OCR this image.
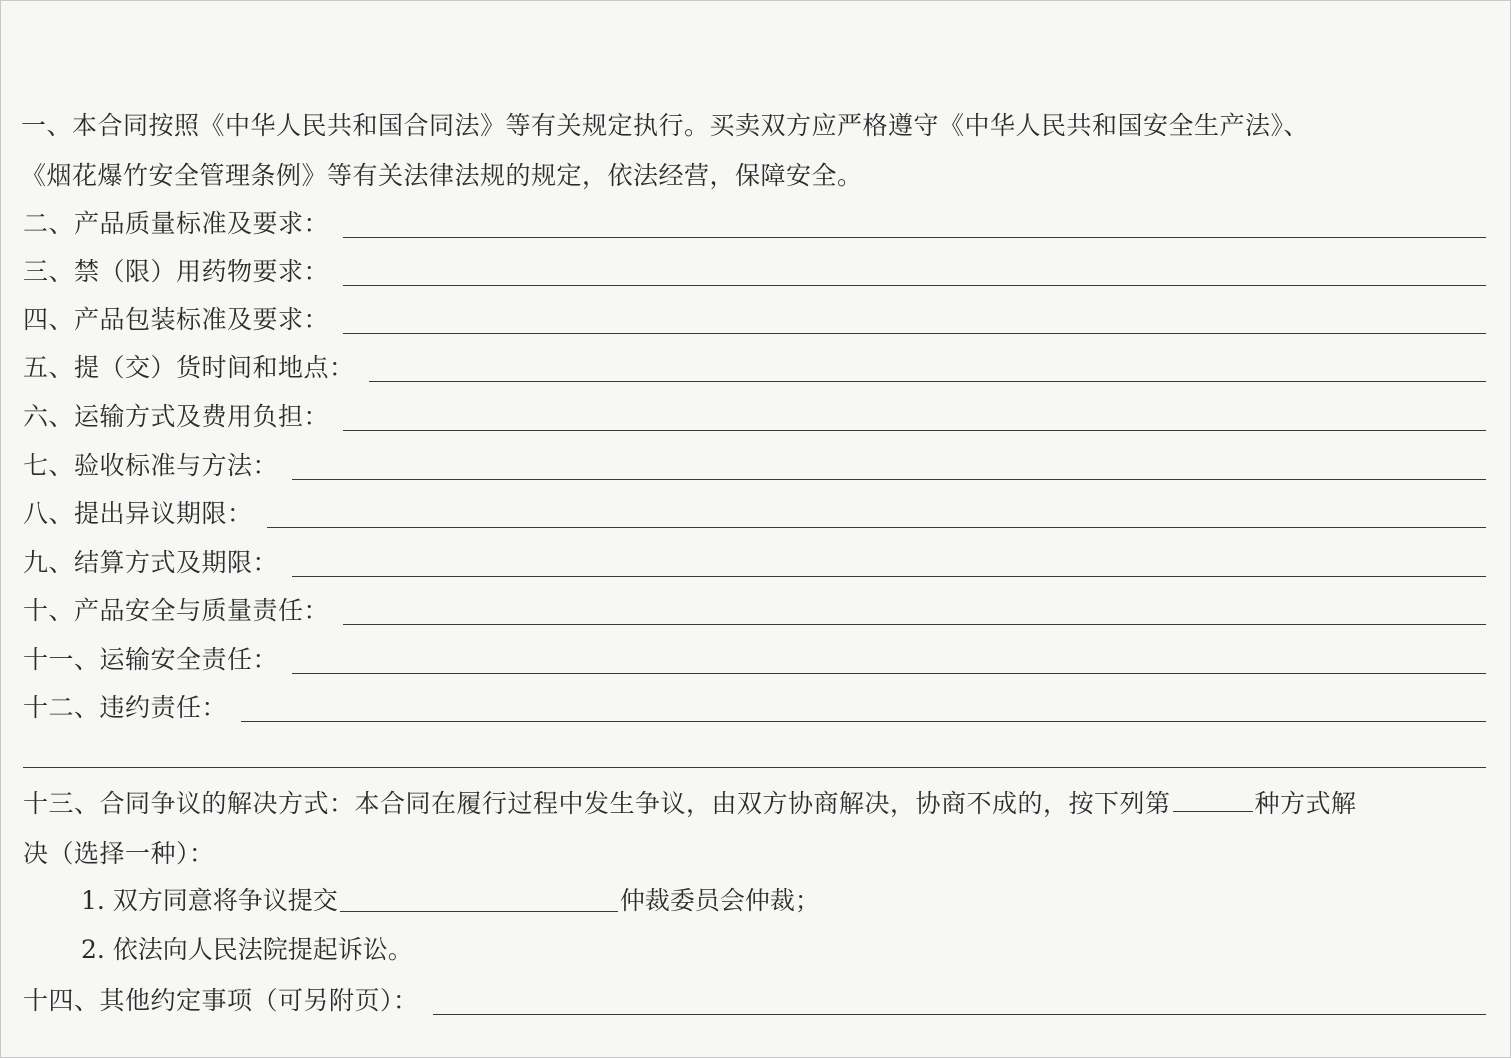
一、本合同按照《中华人民共和国合同法》等有关规定执行。买卖双方应严格遵守《中华人民共和国安全生产法》、
《烟花爆竹安全管理条例》等有关法律法规的规定，依法经营，保障安全。
二、产品质量标准及要求：
三、禁（限）用药物要求：
四、产品包装标准及要求：
五、提（交）货时间和地点：
六、运输方式及费用负担：
七、验收标准与方法：
八、提出异议期限：
九、结算方式及期限：
十、产品安全与质量责任：
十一、运输安全责任：
十二、违约责任：
十三、合同争议的解决方式：本合同在履行过程中发生争议，由双方协商解决，协商不成的，按下列第	种方式解
决（选择一种）：
1. 双方同意将争议提交	仲裁委员会仲裁；
2. 依法向人民法院提起诉讼。
十四、其他约定事项（可另附页）：
